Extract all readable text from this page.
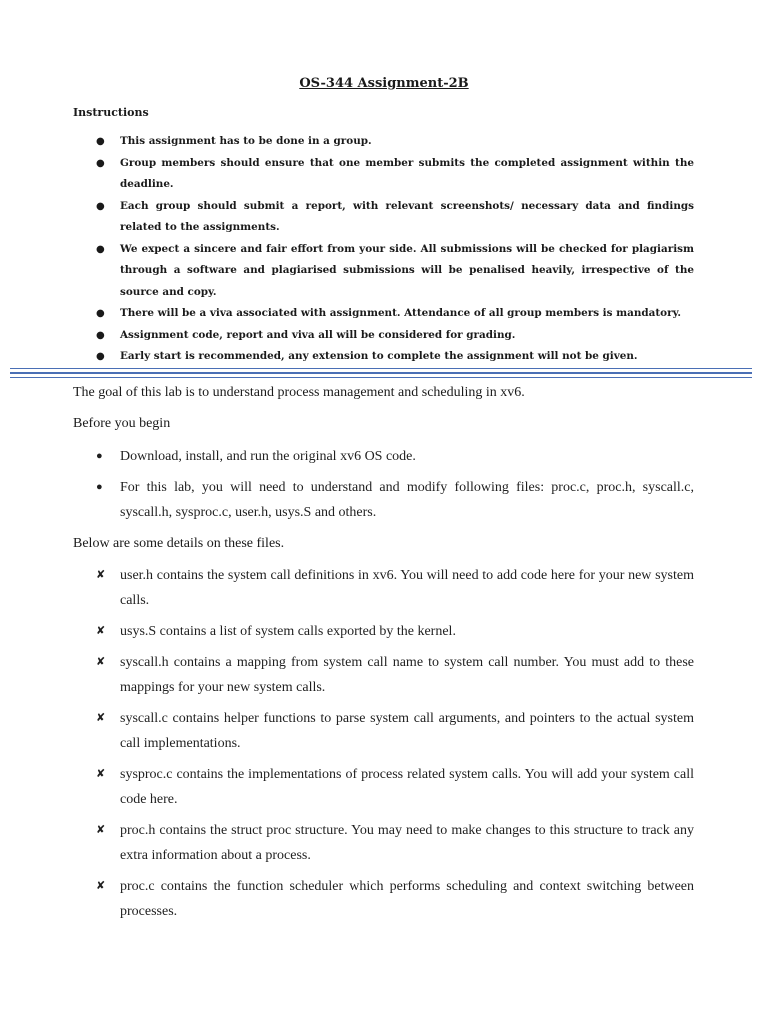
OS-344 Assignment-2B
Instructions
● This assignment has to be done in a group.
● Group members should ensure that one member submits the completed assignment within the deadline.
● Each group should submit a report, with relevant screenshots/ necessary data and findings related to the assignments.
● We expect a sincere and fair effort from your side. All submissions will be checked for plagiarism through a software and plagiarised submissions will be penalised heavily, irrespective of the source and copy.
● There will be a viva associated with assignment. Attendance of all group members is mandatory.
● Assignment code, report and viva all will be considered for grading.
● Early start is recommended, any extension to complete the assignment will not be given.
The goal of this lab is to understand process management and scheduling in xv6.
Before you begin
● Download, install, and run the original xv6 OS code.
● For this lab, you will need to understand and modify following files: proc.c, proc.h, syscall.c, syscall.h, sysproc.c, user.h, usys.S and others.
Below are some details on these files.
✘ user.h contains the system call definitions in xv6. You will need to add code here for your new system calls.
✘ usys.S contains a list of system calls exported by the kernel.
✘ syscall.h contains a mapping from system call name to system call number. You must add to these mappings for your new system calls.
✘ syscall.c contains helper functions to parse system call arguments, and pointers to the actual system call implementations.
✘ sysproc.c contains the implementations of process related system calls. You will add your system call code here.
✘ proc.h contains the struct proc structure. You may need to make changes to this structure to track any extra information about a process.
✘ proc.c contains the function scheduler which performs scheduling and context switching between processes.
